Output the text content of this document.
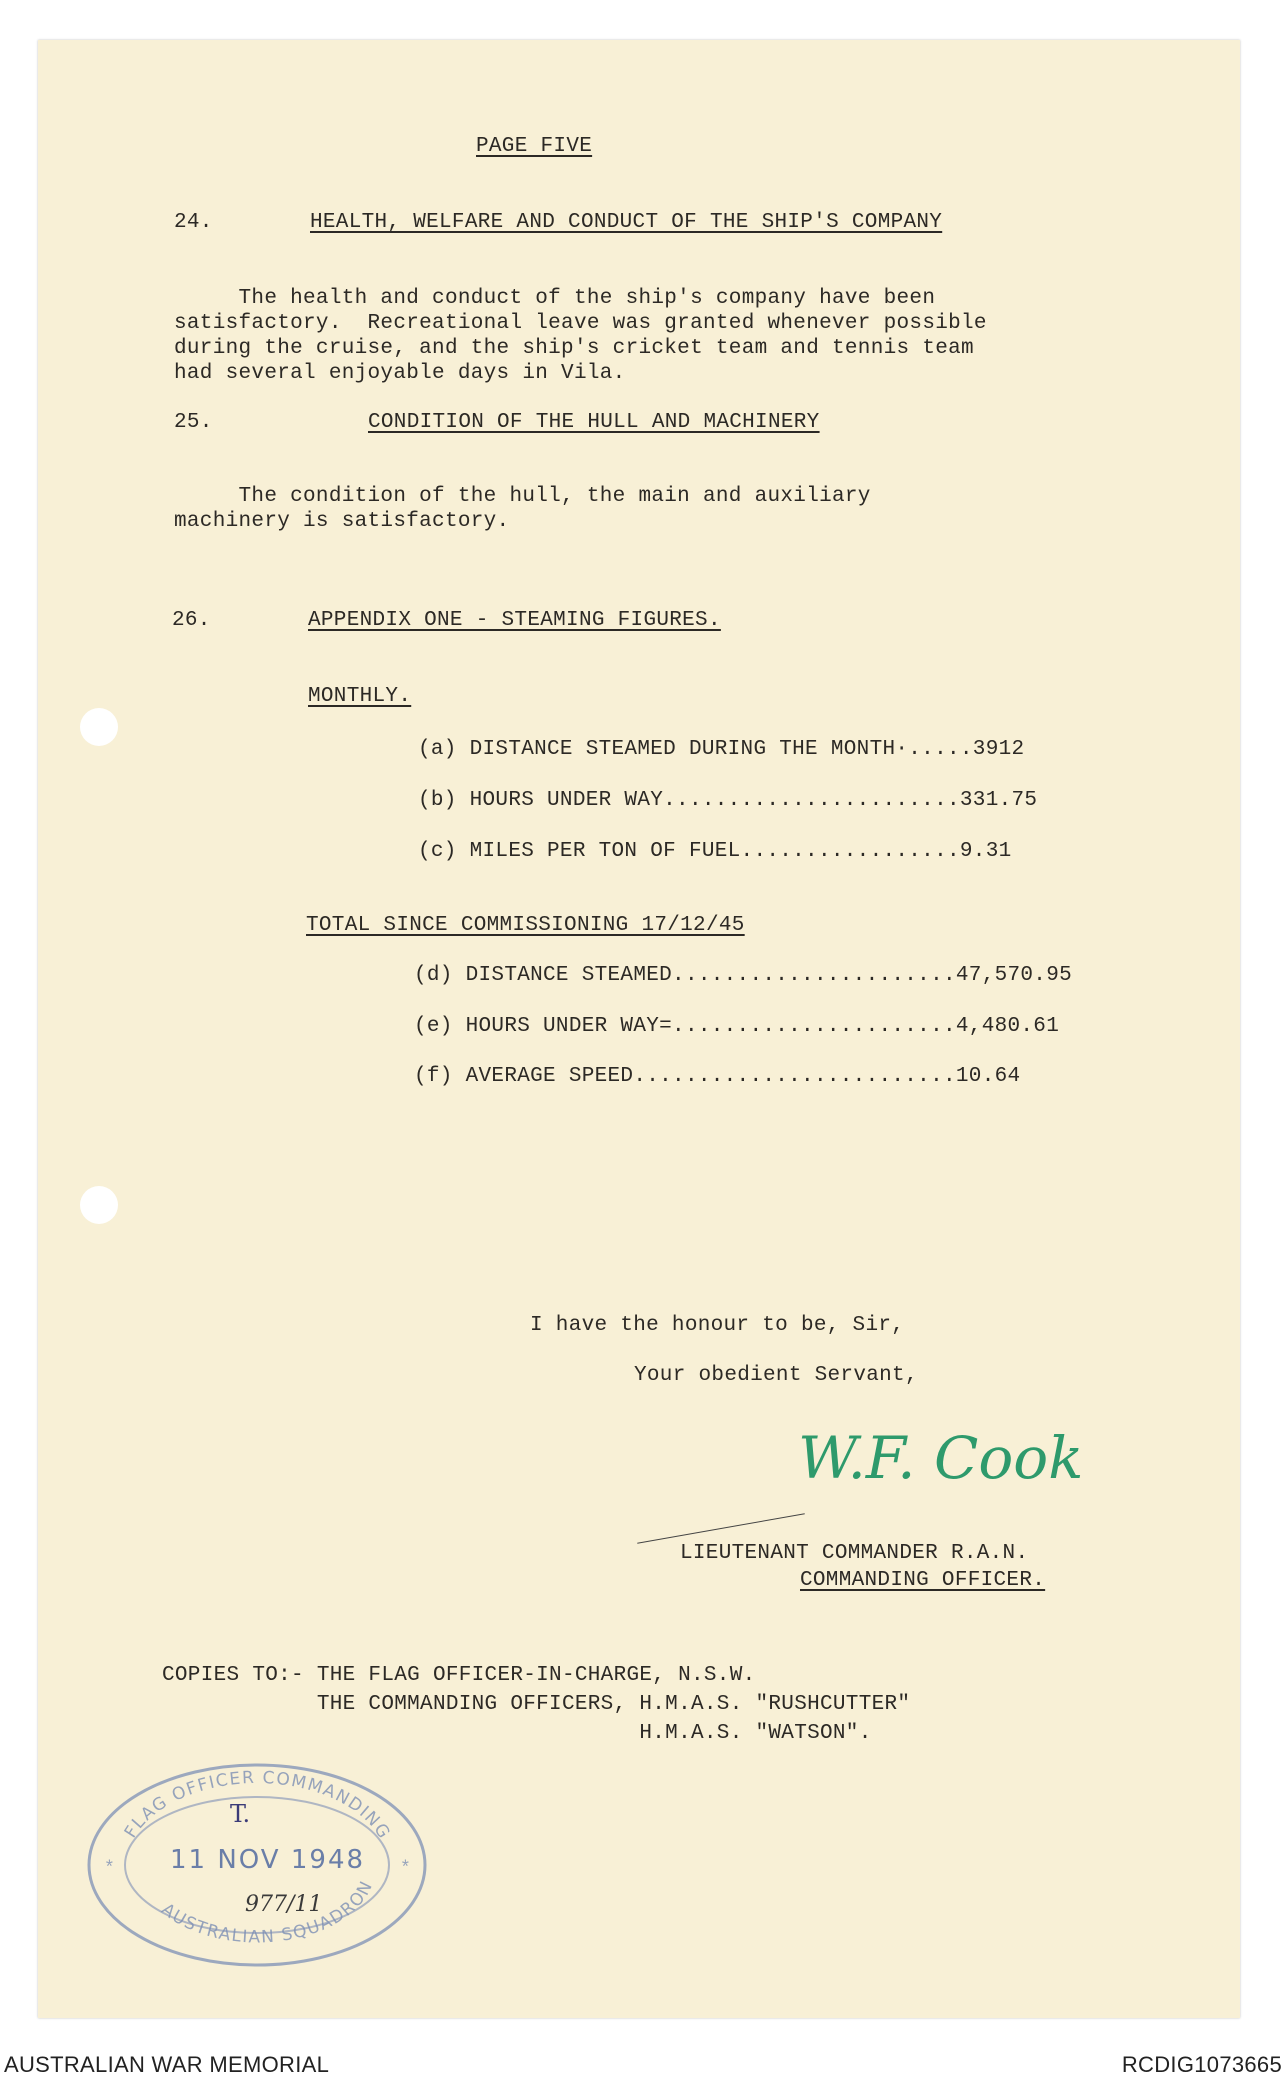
PAGE FIVE
24.	HEALTH, WELFARE AND CONDUCT OF THE SHIP'S COMPANY
The health and conduct of the ship's company have been
satisfactory.  Recreational leave was granted whenever possible
during the cruise, and the ship's cricket team and tennis team
had several enjoyable days in Vila.
25.	CONDITION OF THE HULL AND MACHINERY
The condition of the hull, the main and auxiliary
machinery is satisfactory.
26.	APPENDIX ONE - STEAMING FIGURES.
MONTHLY.
(a) DISTANCE STEAMED DURING THE MONTH·.....3912
(b) HOURS UNDER WAY.......................331.75
(c) MILES PER TON OF FUEL.................9.31
TOTAL SINCE COMMISSIONING 17/12/45
(d) DISTANCE STEAMED......................47,570.95
(e) HOURS UNDER WAY=......................4,480.61
(f) AVERAGE SPEED.........................10.64
I have the honour to be, Sir,
Your obedient Servant,
W.F. Cook
LIEUTENANT COMMANDER R.A.N.
COMMANDING OFFICER.
COPIES TO:- THE FLAG OFFICER-IN-CHARGE, N.S.W.
THE COMMANDING OFFICERS, H.M.A.S. "RUSHCUTTER"
H.M.A.S. "WATSON".
FLAG OFFICER COMMANDING
AUSTRALIAN SQUADRON
*	*
T.
11 NOV 1948
977/11
AUSTRALIAN WAR MEMORIAL	RCDIG1073665
